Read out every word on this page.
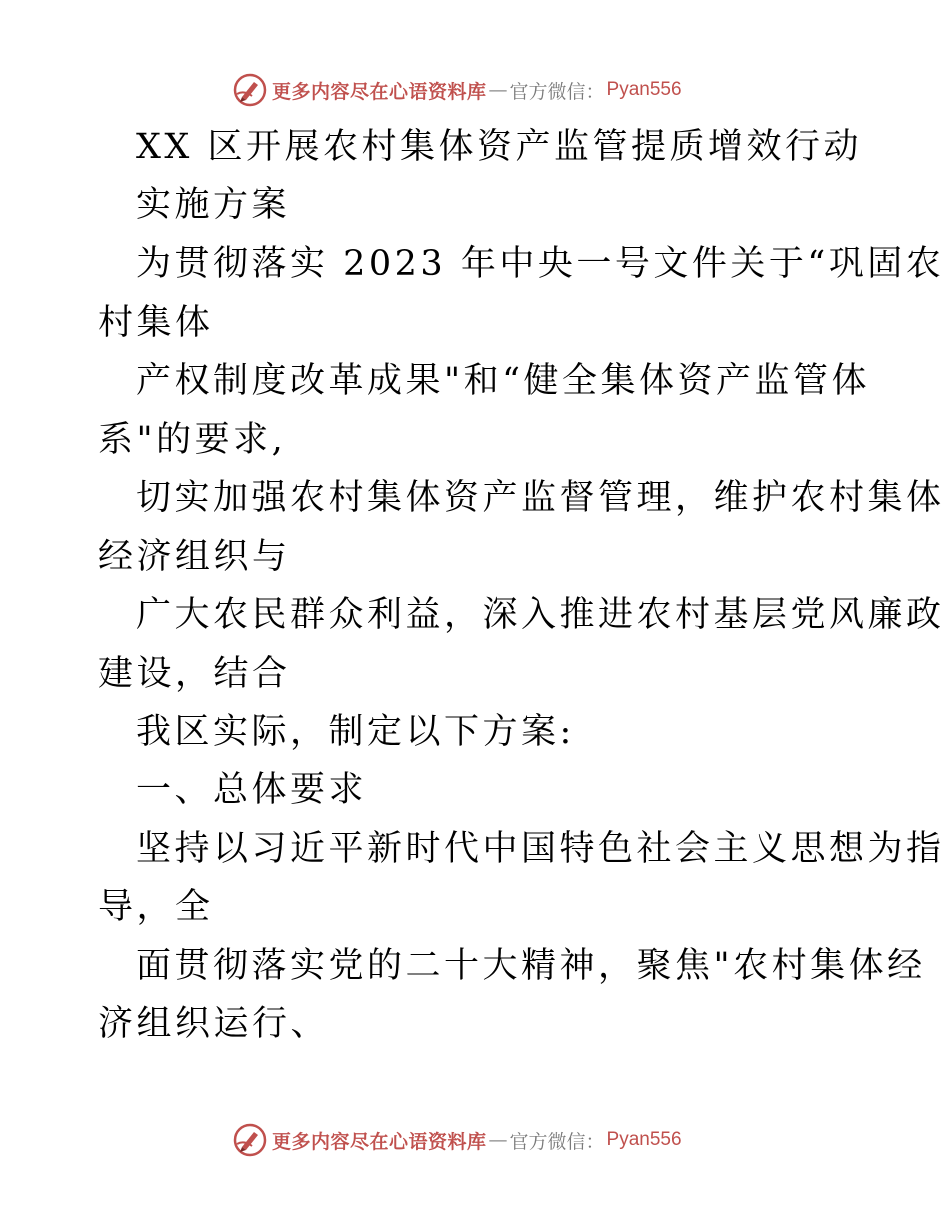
更多内容尽在心语资料库 — 官方微信： Pyan556
XX 区开展农村集体资产监管提质增效行动
实施方案
为贯彻落实 2023 年中央一号文件关于“巩固农
村集体
产权制度改革成果"和“健全集体资产监管体
系"的要求,
切实加强农村集体资产监督管理，维护农村集体
经济组织与
广大农民群众利益，深入推进农村基层党风廉政
建设，结合
我区实际，制定以下方案:
一、总体要求
坚持以习近平新时代中国特色社会主义思想为指
导，全
面贯彻落实党的二十大精神，聚焦"农村集体经
济组织运行、
更多内容尽在心语资料库 — 官方微信： Pyan556
